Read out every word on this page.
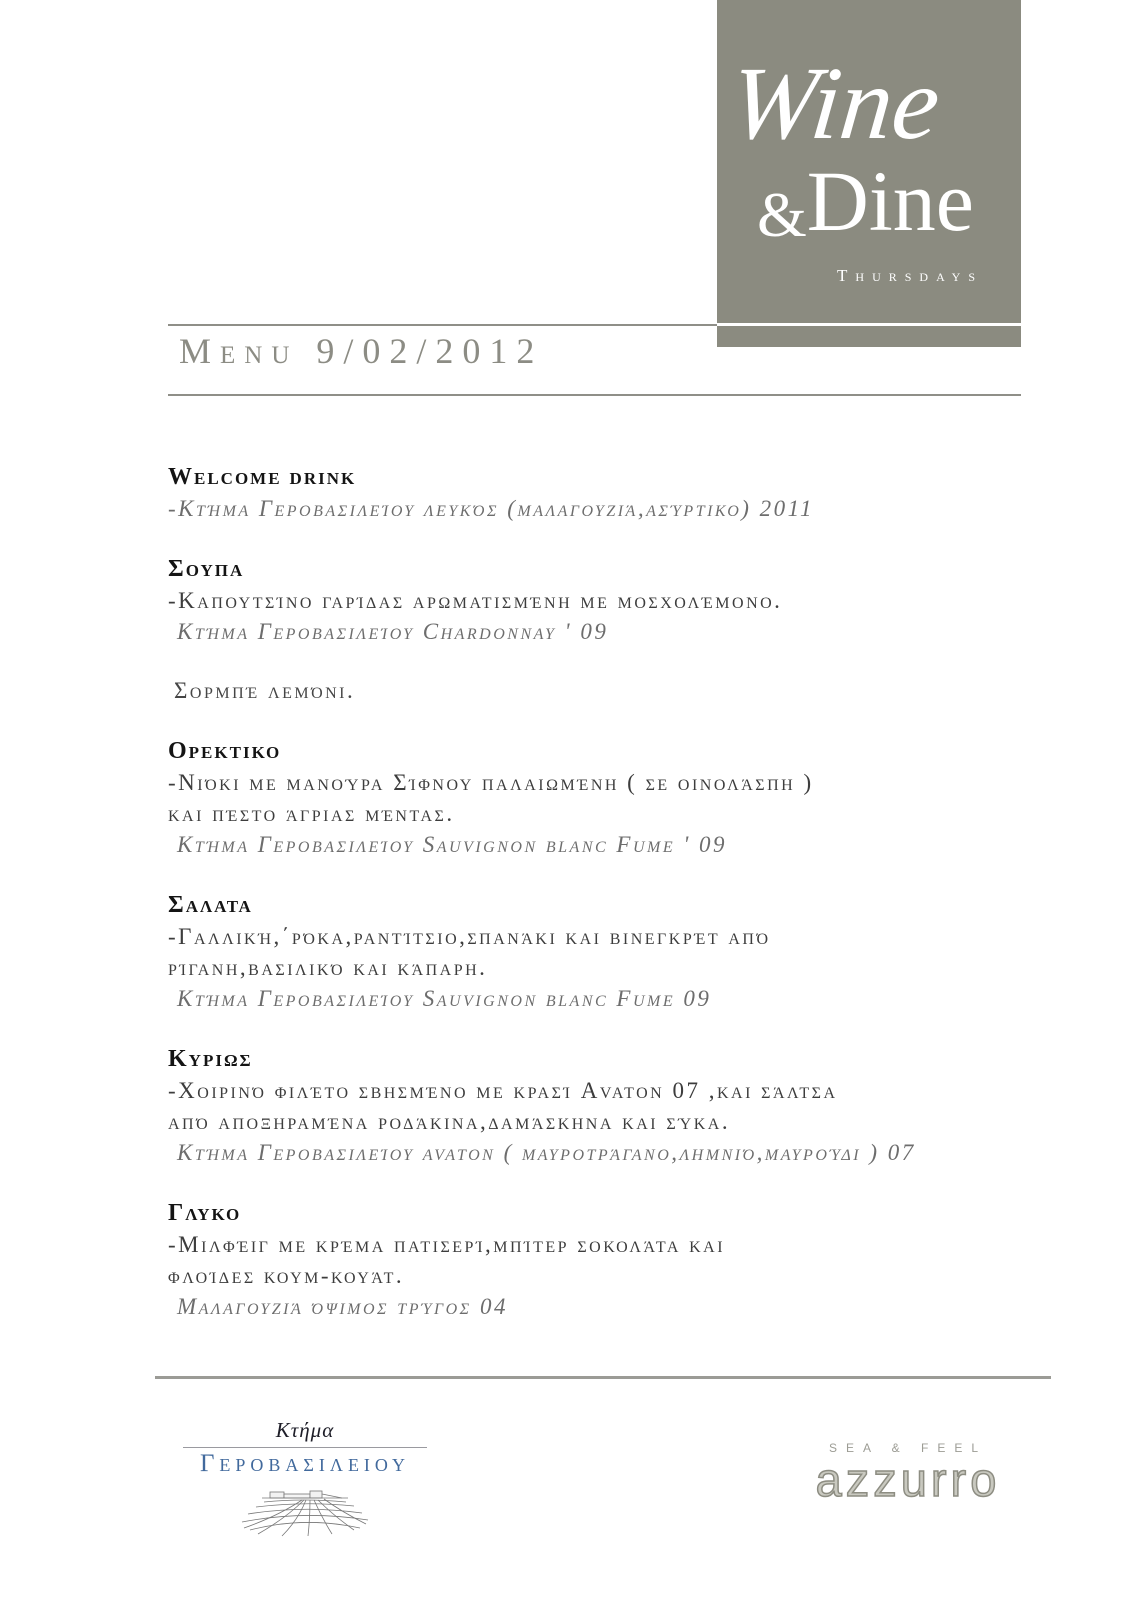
Wine
&Dine
Thursdays
Menu 9/02/2012
Welcome drink
-Κτήμα Γεροβασιλείου λευκός (μαλαγουζιά,ασύρτικο) 2011
Σουπα
-Καπουτσίνο γαρίδας αρωματισμένη με μοσχολέμονο.
Κτήμα Γεροβασιλείου Chardonnay ' 09
Σορμπέ λεμόνι.
Ορεκτικο
-Νιόκι με μανούρα Σίφνου παλαιωμένη ( σε οινολάσπη )
και πέστο άγριας μέντας.
Κτήμα Γεροβασιλείου Sauvignon blanc Fume ' 09
Σαλατα
-Γαλλική,΄ρόκα,ραντίτσιο,σπανάκι και βινεγκρέτ από
ρίγανη,βασιλικό και κάπαρη.
Κτήμα Γεροβασιλείου Sauvignon blanc Fume 09
Κυριως
-Χοιρινό φιλέτο σβησμένο με κρασί Avaton 07 ,και σάλτσα
από αποξηραμένα ροδάκινα,δαμάσκηνα και σύκα.
Κτήμα Γεροβασιλείου avaton ( μαυροτράγανο,λημνιό,μαυρούδι ) 07
Γλυκο
-Μιλφέιγ με κρέμα πατισερί,μπίτερ σοκολάτα και
φλοίδες κουμ-κουάτ.
Μαλαγουζιά όψιμος τρύγος 04
Κτήμα
Γεροβασιλειου
SEA & FEEL
azzurro
